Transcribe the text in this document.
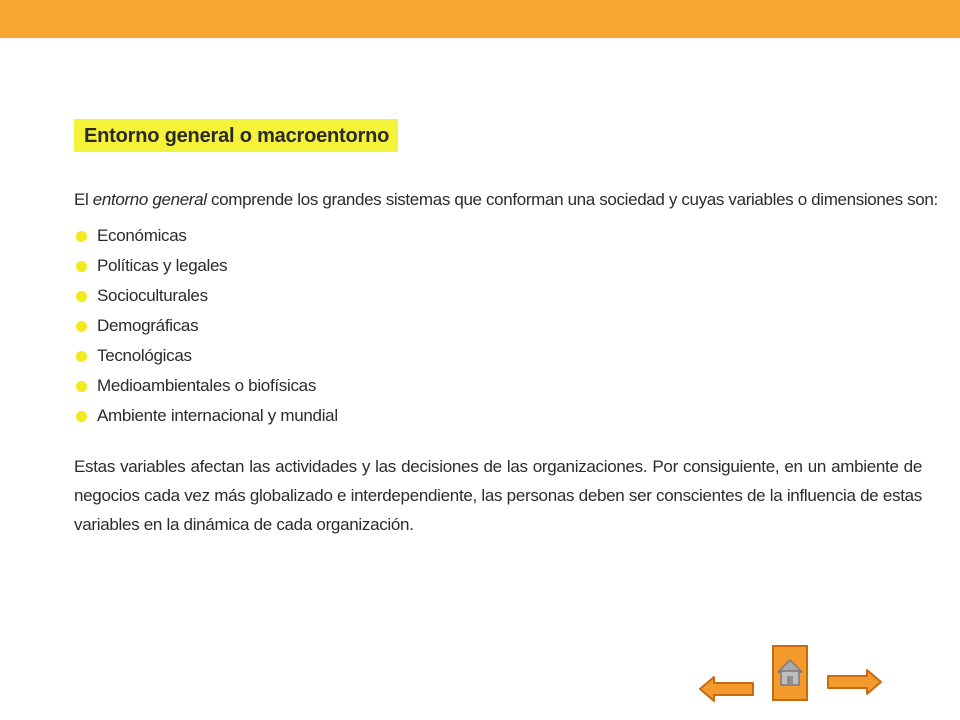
Entorno general o macroentorno
El entorno general comprende los grandes sistemas que conforman una sociedad y cuyas variables o dimensiones son:
Económicas
Políticas y legales
Socioculturales
Demográficas
Tecnológicas
Medioambientales o biofísicas
Ambiente internacional y mundial
Estas variables afectan las actividades y las decisiones de las organizaciones. Por consiguiente, en un ambiente de negocios cada vez más globalizado e interdependiente, las personas deben ser conscientes de la influencia de estas variables en la dinámica de cada organización.
